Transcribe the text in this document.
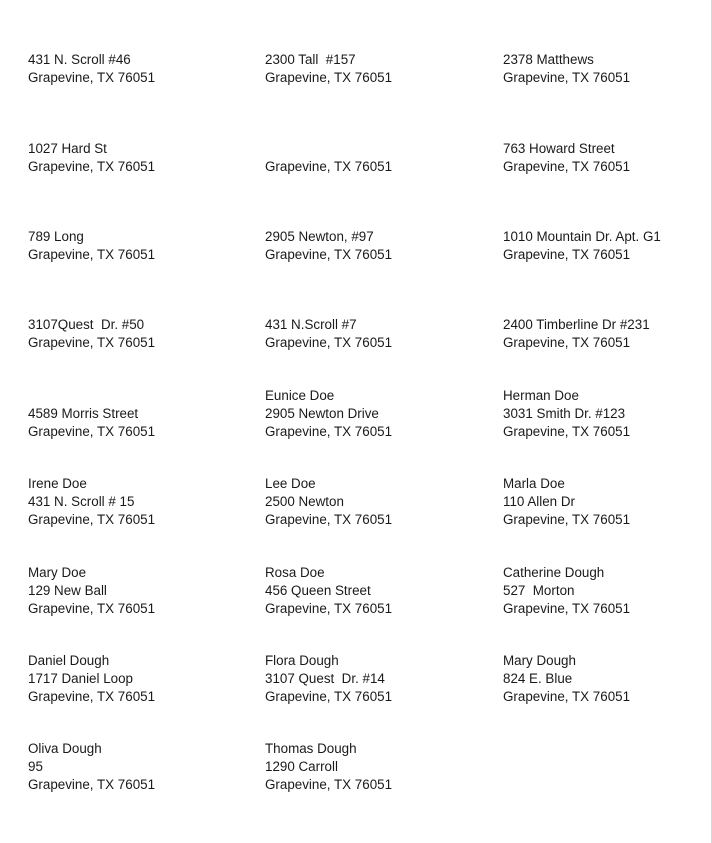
431 N. Scroll #46
Grapevine, TX 76051
2300 Tall  #157
Grapevine, TX 76051
2378 Matthews
Grapevine, TX 76051
1027 Hard St
Grapevine, TX 76051	Grapevine, TX 76051
763 Howard Street
Grapevine, TX 76051
789 Long
Grapevine, TX 76051
2905 Newton, #97
Grapevine, TX 76051
1010 Mountain Dr. Apt. G1
Grapevine, TX 76051
3107Quest  Dr. #50
Grapevine, TX 76051
431 N.Scroll #7
Grapevine, TX 76051
2400 Timberline Dr #231
Grapevine, TX 76051
4589 Morris Street
Grapevine, TX 76051
Eunice Doe
2905 Newton Drive
Grapevine, TX 76051
Herman Doe
3031 Smith Dr. #123
Grapevine, TX 76051
Irene Doe
431 N. Scroll # 15
Grapevine, TX 76051
Lee Doe
2500 Newton
Grapevine, TX 76051
Marla Doe
110 Allen Dr
Grapevine, TX 76051
Mary Doe
129 New Ball
Grapevine, TX 76051
Rosa Doe
456 Queen Street
Grapevine, TX 76051
Catherine Dough
527  Morton
Grapevine, TX 76051
Daniel Dough
1717 Daniel Loop
Grapevine, TX 76051
Flora Dough
3107 Quest  Dr. #14
Grapevine, TX 76051
Mary Dough
824 E. Blue
Grapevine, TX 76051
Oliva Dough
95
Grapevine, TX 76051
Thomas Dough
1290 Carroll
Grapevine, TX 76051
